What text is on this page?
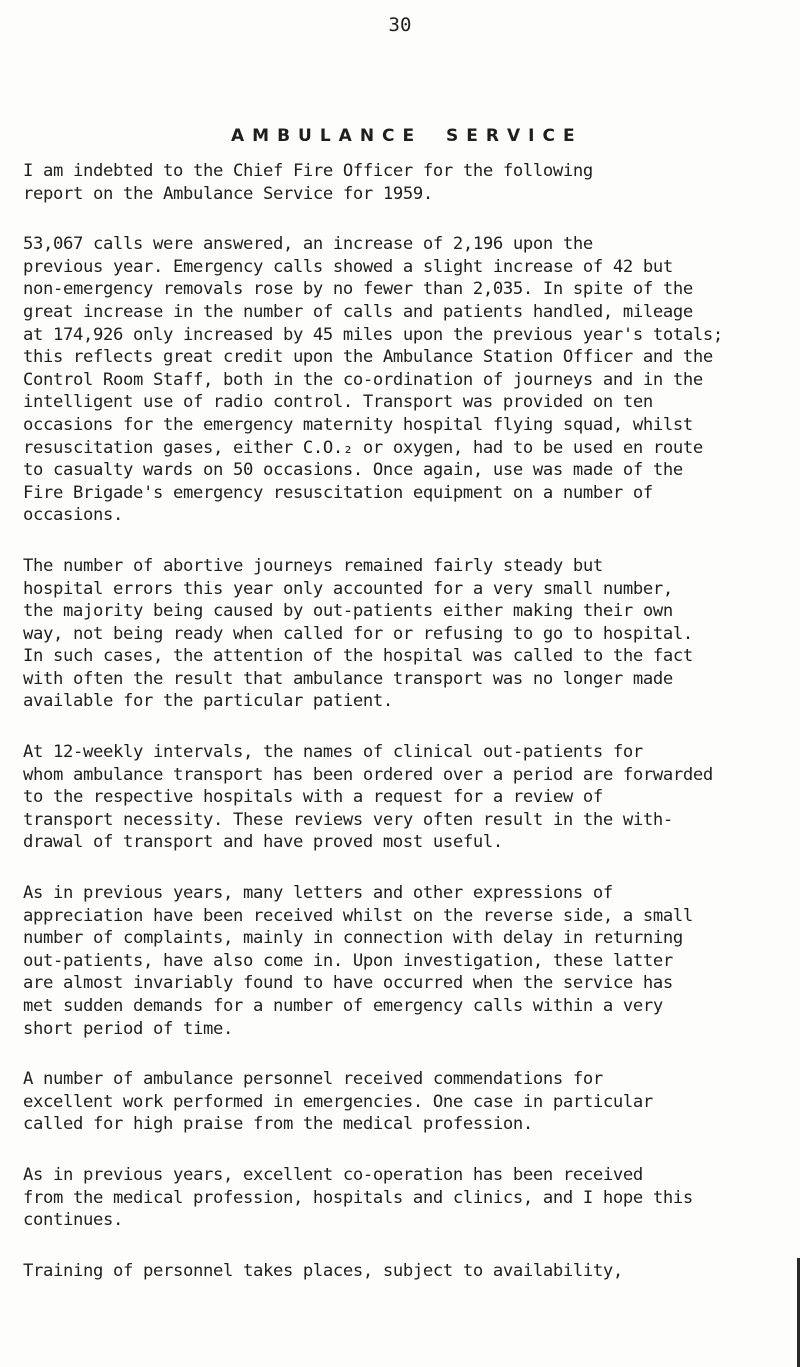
30
AMBULANCE SERVICE

I am indebted to the Chief Fire Officer for the following
report on the Ambulance Service for 1959.

53,067 calls were answered, an increase of 2,196 upon the
previous year. Emergency calls showed a slight increase of 42 but
non-emergency removals rose by no fewer than 2,035. In spite of the
great increase in the number of calls and patients handled, mileage
at 174,926 only increased by 45 miles upon the previous year's totals;
this reflects great credit upon the Ambulance Station Officer and the
Control Room Staff, both in the co-ordination of journeys and in the
intelligent use of radio control. Transport was provided on ten
occasions for the emergency maternity hospital flying squad, whilst
resuscitation gases, either C.O.₂ or oxygen, had to be used en route
to casualty wards on 50 occasions. Once again, use was made of the
Fire Brigade's emergency resuscitation equipment on a number of
occasions.

The number of abortive journeys remained fairly steady but
hospital errors this year only accounted for a very small number,
the majority being caused by out-patients either making their own
way, not being ready when called for or refusing to go to hospital.
In such cases, the attention of the hospital was called to the fact
with often the result that ambulance transport was no longer made
available for the particular patient.

At 12-weekly intervals, the names of clinical out-patients for
whom ambulance transport has been ordered over a period are forwarded
to the respective hospitals with a request for a review of
transport necessity. These reviews very often result in the with-
drawal of transport and have proved most useful.

As in previous years, many letters and other expressions of
appreciation have been received whilst on the reverse side, a small
number of complaints, mainly in connection with delay in returning
out-patients, have also come in. Upon investigation, these latter
are almost invariably found to have occurred when the service has
met sudden demands for a number of emergency calls within a very
short period of time.

A number of ambulance personnel received commendations for
excellent work performed in emergencies. One case in particular
called for high praise from the medical profession.

As in previous years, excellent co-operation has been received
from the medical profession, hospitals and clinics, and I hope this
continues.

Training of personnel takes places, subject to availability,
